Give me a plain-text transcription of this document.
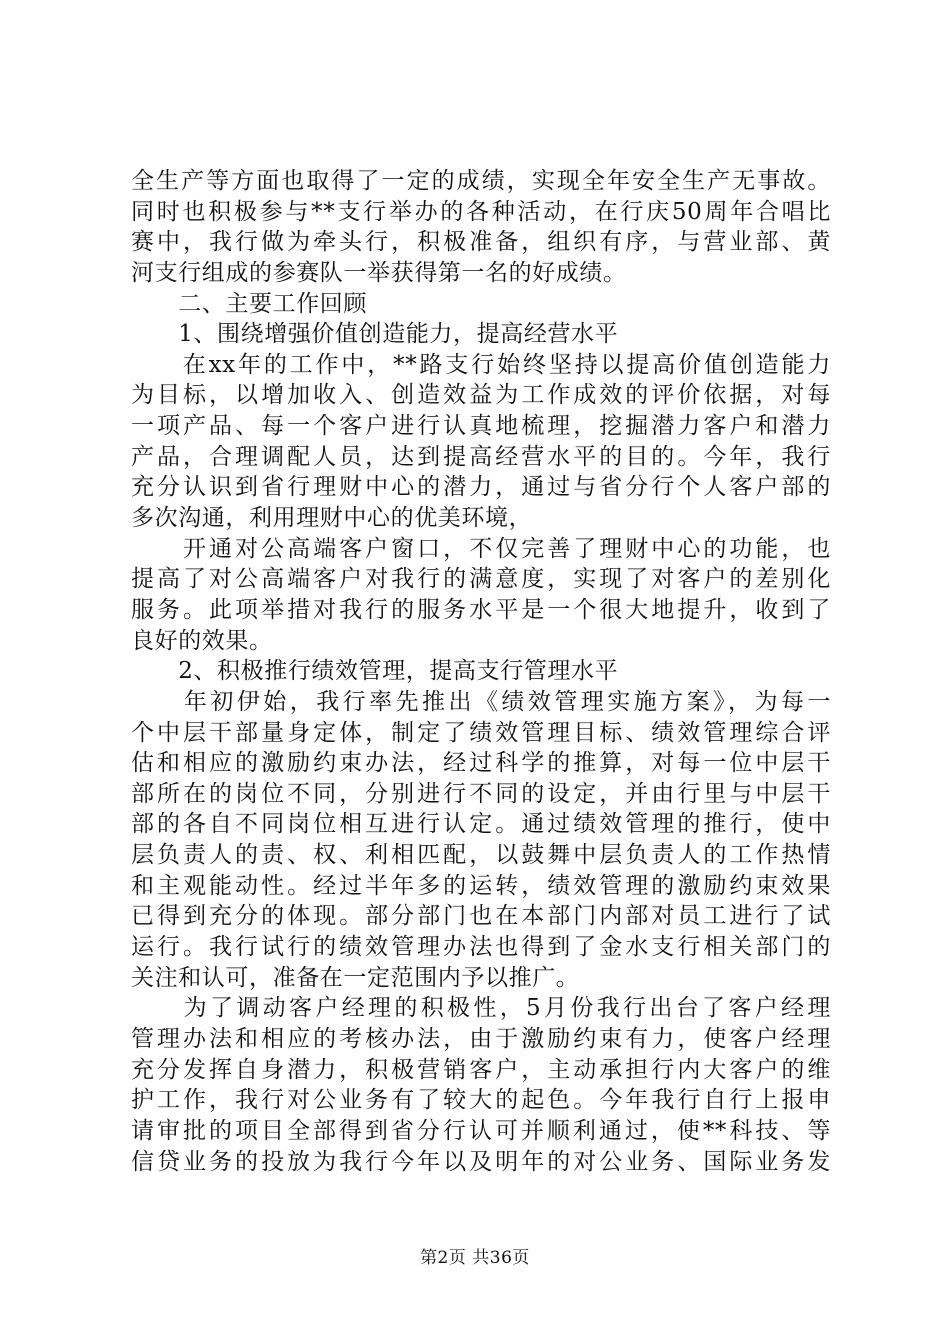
全生产等方面也取得了一定的成绩，实现全年安全生产无事故。
同时也积极参与**支行举办的各种活动，在行庆50周年合唱比
赛中，我行做为牵头行，积极准备，组织有序，与营业部、黄
河支行组成的参赛队一举获得第一名的好成绩。
　　二、主要工作回顾
　　1、围绕增强价值创造能力，提高经营水平
　　在xx年的工作中，**路支行始终坚持以提高价值创造能力
为目标，以增加收入、创造效益为工作成效的评价依据，对每
一项产品、每一个客户进行认真地梳理，挖掘潜力客户和潜力
产品，合理调配人员，达到提高经营水平的目的。今年，我行
充分认识到省行理财中心的潜力，通过与省分行个人客户部的
多次沟通，利用理财中心的优美环境，
　　开通对公高端客户窗口，不仅完善了理财中心的功能，也
提高了对公高端客户对我行的满意度，实现了对客户的差别化
服务。此项举措对我行的服务水平是一个很大地提升，收到了
良好的效果。
　　2、积极推行绩效管理，提高支行管理水平
　　年初伊始，我行率先推出《绩效管理实施方案》，为每一
个中层干部量身定体，制定了绩效管理目标、绩效管理综合评
估和相应的激励约束办法，经过科学的推算，对每一位中层干
部所在的岗位不同，分别进行不同的设定，并由行里与中层干
部的各自不同岗位相互进行认定。通过绩效管理的推行，使中
层负责人的责、权、利相匹配，以鼓舞中层负责人的工作热情
和主观能动性。经过半年多的运转，绩效管理的激励约束效果
已得到充分的体现。部分部门也在本部门内部对员工进行了试
运行。我行试行的绩效管理办法也得到了金水支行相关部门的
关注和认可，准备在一定范围内予以推广。
　　为了调动客户经理的积极性，5月份我行出台了客户经理
管理办法和相应的考核办法，由于激励约束有力，使客户经理
充分发挥自身潜力，积极营销客户，主动承担行内大客户的维
护工作，我行对公业务有了较大的起色。今年我行自行上报申
请审批的项目全部得到省分行认可并顺利通过，使**科技、等
信贷业务的投放为我行今年以及明年的对公业务、国际业务发
第2页 共36页
